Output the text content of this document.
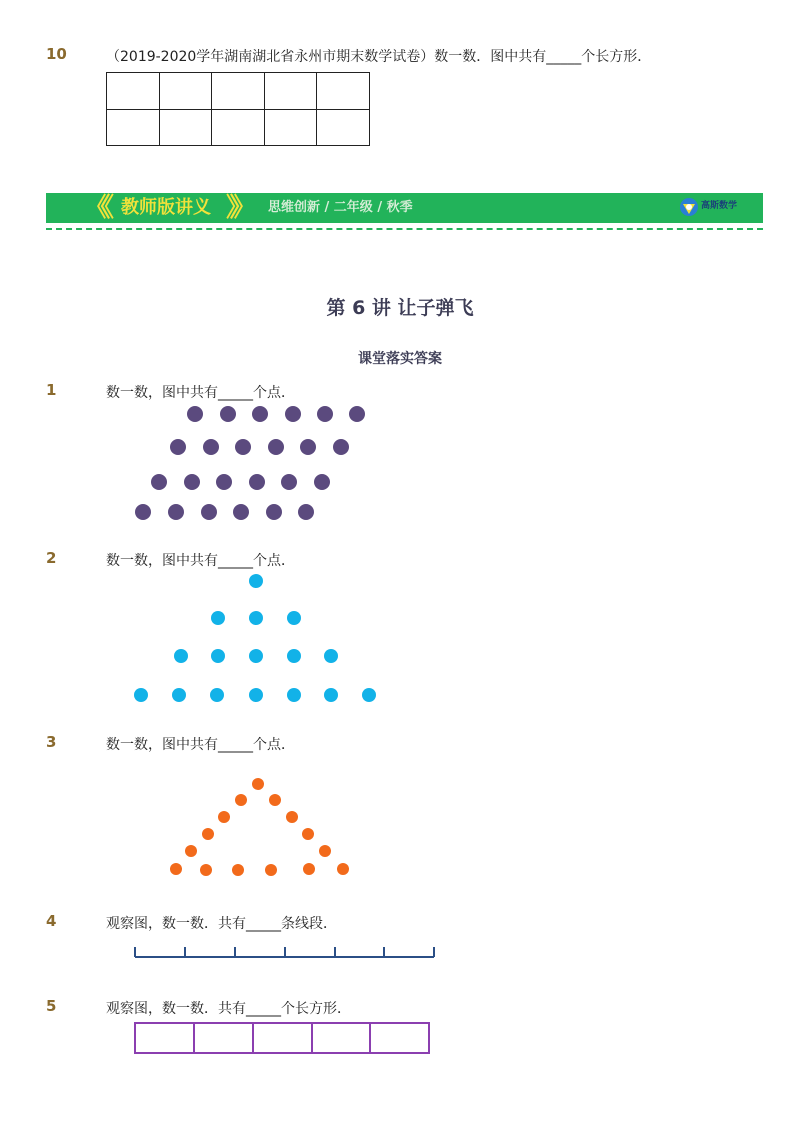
10	（2019-2020学年湖南湖北省永州市期末数学试卷）数一数．图中共有_____个长方形．

《《 教师版讲义 》》 思维创新 / 二年级 / 秋季	高斯数学
第 6 讲 让子弹飞
课堂落实答案
1	数一数，图中共有_____个点．
2	数一数，图中共有_____个点．
3	数一数，图中共有_____个点．
4	观察图，数一数．共有_____条线段．
5	观察图，数一数．共有_____个长方形．
